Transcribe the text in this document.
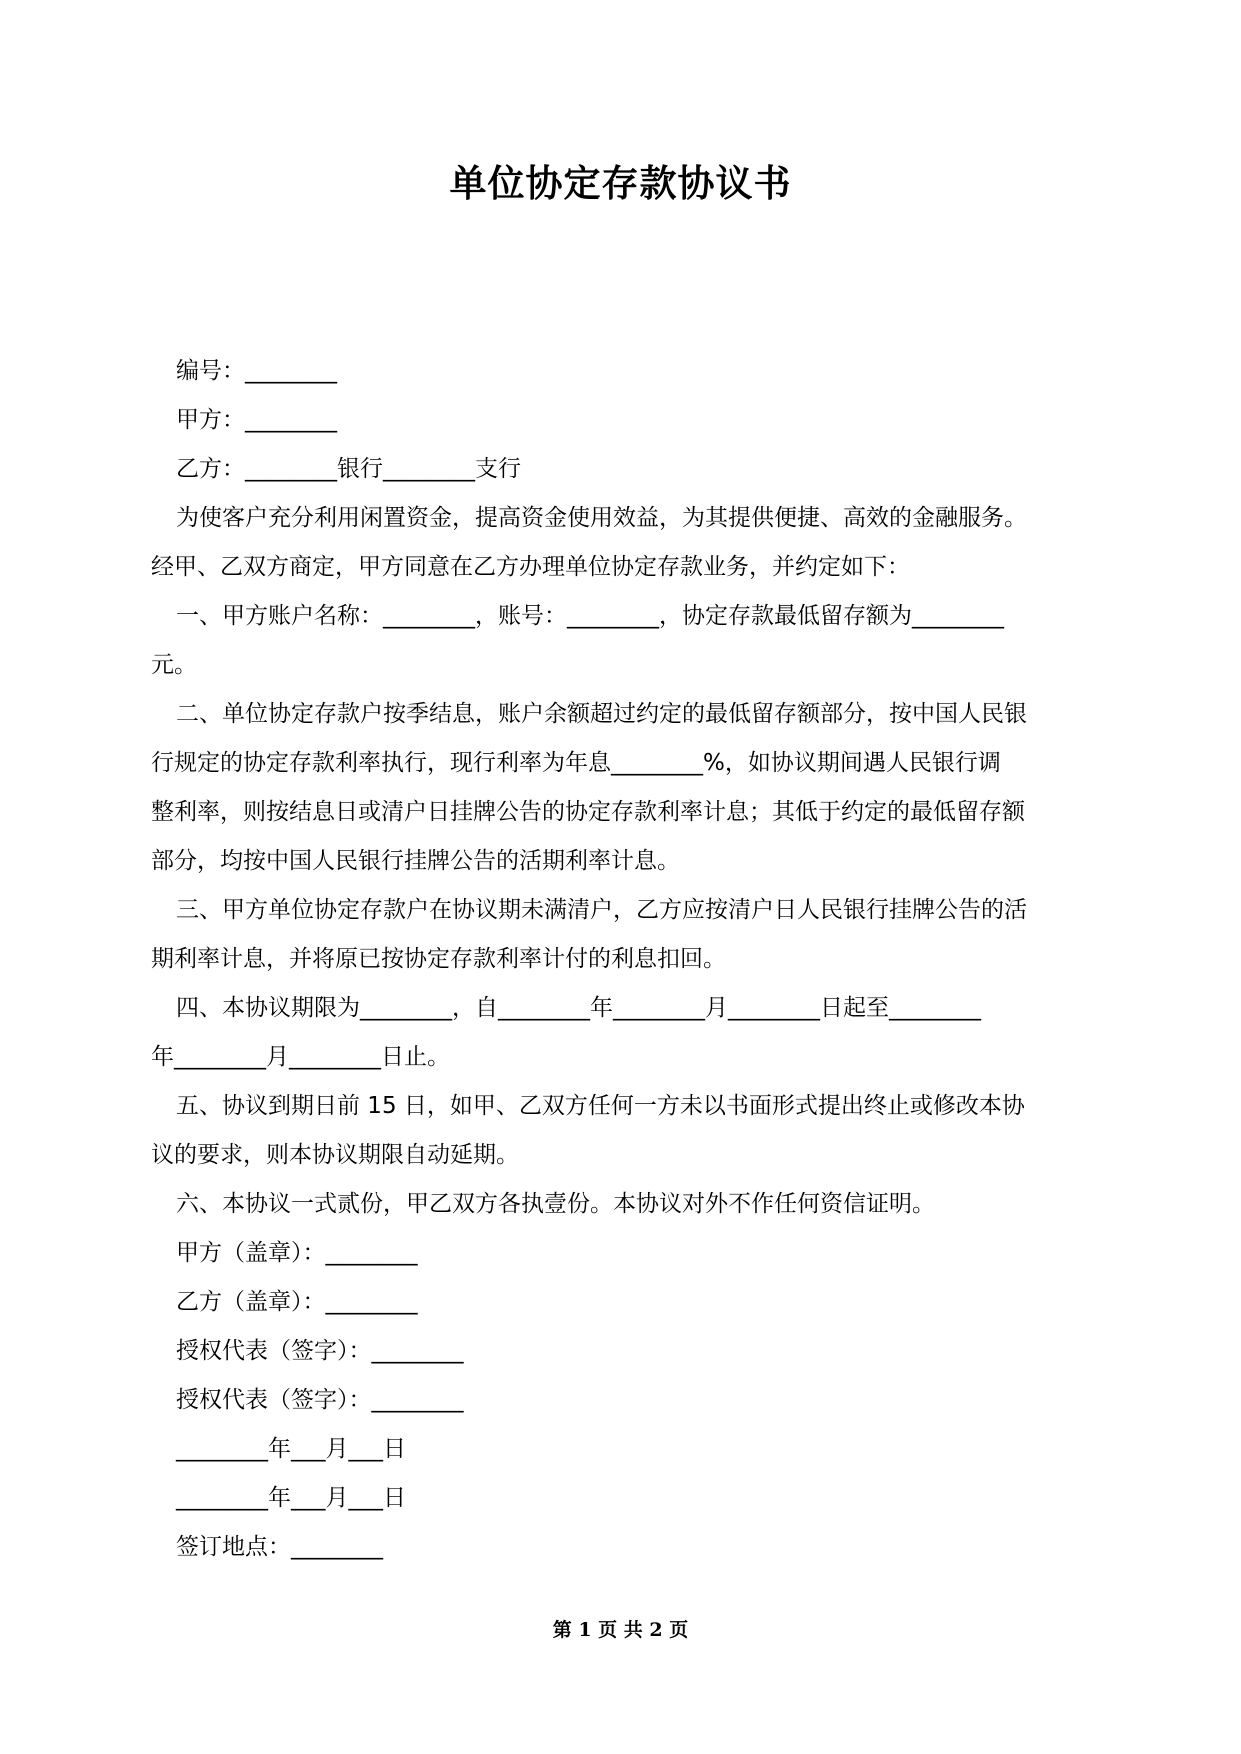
单位协定存款协议书
编号：________
甲方：________
乙方：________银行________支行
为使客户充分利用闲置资金，提高资金使用效益，为其提供便捷、高效的金融服务。
经甲、乙双方商定，甲方同意在乙方办理单位协定存款业务，并约定如下：
一、甲方账户名称：________，账号：________，协定存款最低留存额为________
元。
二、单位协定存款户按季结息，账户余额超过约定的最低留存额部分，按中国人民银
行规定的协定存款利率执行，现行利率为年息________%，如协议期间遇人民银行调
整利率，则按结息日或清户日挂牌公告的协定存款利率计息；其低于约定的最低留存额
部分，均按中国人民银行挂牌公告的活期利率计息。
三、甲方单位协定存款户在协议期未满清户，乙方应按清户日人民银行挂牌公告的活
期利率计息，并将原已按协定存款利率计付的利息扣回。
四、本协议期限为________，自________年________月________日起至________
年________月________日止。
五、协议到期日前 15 日，如甲、乙双方任何一方未以书面形式提出终止或修改本协
议的要求，则本协议期限自动延期。
六、本协议一式贰份，甲乙双方各执壹份。本协议对外不作任何资信证明。
甲方（盖章）：________
乙方（盖章）：________
授权代表（签字）：________
授权代表（签字）：________
________年___月___日
________年___月___日
签订地点：________
第 1 页 共 2 页
